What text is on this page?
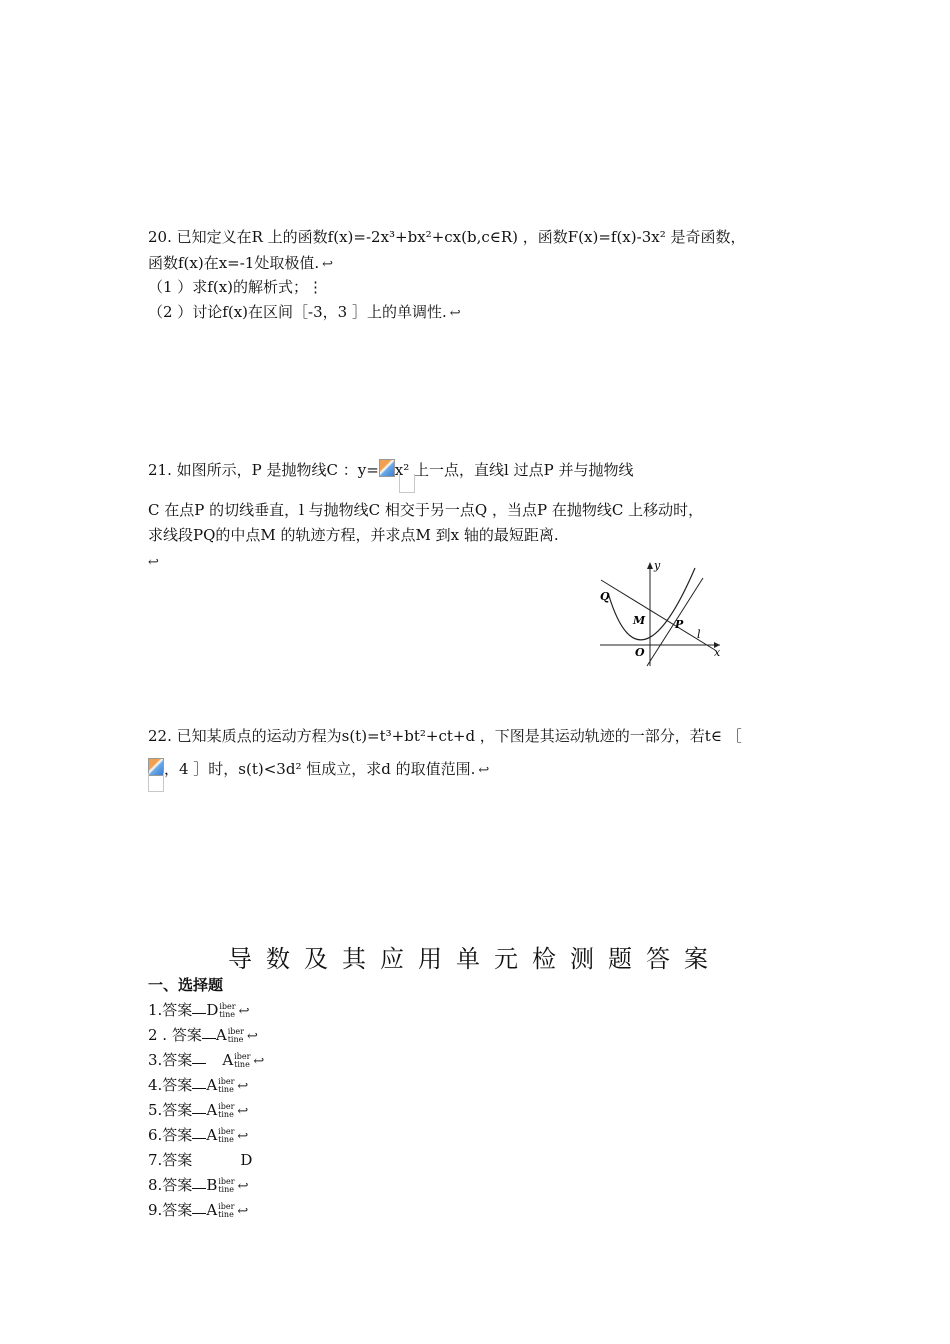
20. 已知定义在R 上的函数f(x)=-2x³+bx²+cx(b,c∈R) ，函数F(x)=f(x)-3x² 是奇函数，
函数f(x)在x=-1处取极值. ↩
（1 ）求f(x)的解析式；⋮
（2 ）讨论f(x)在区间［-3，3 ］上的单调性. ↩
21. 如图所示，P 是抛物线C ：y= x² 上一点，直线l 过点P 并与抛物线
C 在点P 的切线垂直，l 与抛物线C 相交于另一点Q ，当点P 在抛物线C 上移动时，
求线段PQ的中点M 的轨迹方程，并求点M 到x 轴的最短距离.
↩
Q
M	P
l
O
y
x
22. 已知某质点的运动方程为s(t)=t³+bt²+ct+d ，下图是其运动轨迹的一部分，若t∈ ［
，4 ］时，s(t)<3d² 恒成立，求d 的取值范围. ↩
导数及其应用单元检测题答案
一、选择题
1.答案 D iber
tine ↩
2 . 答案 A iber
tine ↩
3.答案 A iber
tine ↩
4.答案 A iber
tine ↩
5.答案 A iber
tine ↩
6.答案 A iber
tine ↩
7.答案	D
8.答案 B iber
tine ↩
9.答案 A iber
tine ↩
